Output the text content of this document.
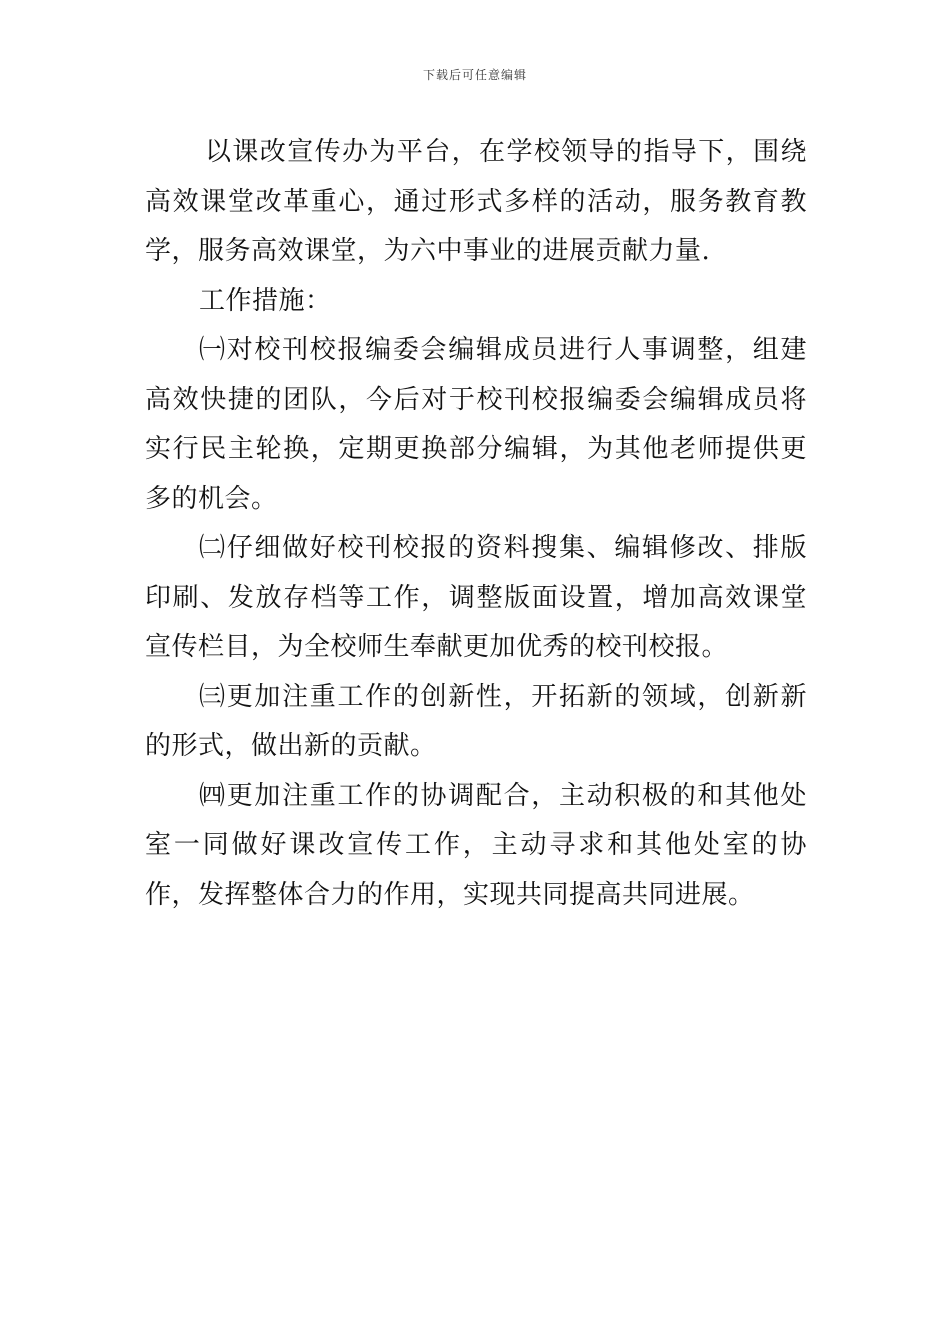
下载后可任意编辑

以课改宣传办为平台，在学校领导的指导下，围绕高效课堂改革重心，通过形式多样的活动，服务教育教学，服务高效课堂，为六中事业的进展贡献力量.

工作措施：

㈠对校刊校报编委会编辑成员进行人事调整，组建高效快捷的团队，今后对于校刊校报编委会编辑成员将实行民主轮换，定期更换部分编辑，为其他老师提供更多的机会。

㈡仔细做好校刊校报的资料搜集、编辑修改、排版印刷、发放存档等工作，调整版面设置，增加高效课堂宣传栏目，为全校师生奉献更加优秀的校刊校报。

㈢更加注重工作的创新性，开拓新的领域，创新新的形式，做出新的贡献。

㈣更加注重工作的协调配合，主动积极的和其他处室一同做好课改宣传工作，主动寻求和其他处室的协作，发挥整体合力的作用，实现共同提高共同进展。
